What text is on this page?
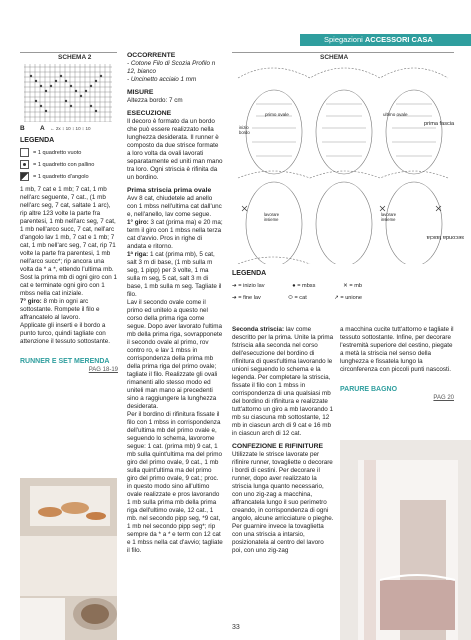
Spiegazioni ACCESSORI CASA
SCHEMA 2
B A ← 2x ↕ 10 ↕ 10 ↕ 10
LEGENDA
= 1 quadretto vuoto
= 1 quadretto con pallino
= 1 quadretto d'angolo

1 mb, 7 cat e 1 mb; 7 cat, 1 mb nell'arc seguente, 7 cat., (1 mb nell'arc seg, 7 cat, saltate 1 arc), rip altre 123 volte la parte fra parentesi, 1 mb nell'arc seg, 7 cat, 1 mb nell'arco succ, 7 cat, nell'arc d'angolo lav 1 mb, 7 cat e 1 mb; 7 cat, 1 mb nell'arc seg, 7 cat, rip 71 volte la parte fra parentesi, 1 mb nell'arco succ*; rip ancora una volta da * a *, ettendo l'ultima mb. Sost la prima mb di ogni giro con 1 cat e terminate ogni giro con 1 mbss nella cat iniziale.

7° giro: 8 mb in ogni arc sottostante. Rompete il filo e affrancatelo al lavoro.

Applicate gli inserti e il bordo a punto turco, quindi tagliate con attenzione il tessuto sottostante.

RUNNER E SET MERENDA
PAG 18-19
OCCORRENTE

- Cotone Filo di Scozia Profilo n 12, bianco

- Uncinetto acciaio 1 mm

MISURE

Altezza bordo: 7 cm

ESECUZIONE

Il decoro è formato da un bordo che può essere realizzato nella lunghezza desiderata. Il runner è composto da due strisce formate a loro volta da ovali lavorati separatamente ed uniti man mano tra loro. Ogni striscia è rifinita da un bordino.

Prima striscia prima ovale

Avv 8 cat, chiudetele ad anello con 1 mbss nell'ultima cat dall'unc e, nell'anello, lav come segue.

1° giro: 3 cat (prima ma) e 20 ma; term il giro con 1 mbss nella terza cat d'avvio. Pros in righe di andata e ritorno.

1ª riga: 1 cat (prima mb), 5 cat, salt 3 m di base, (1 mb sulla m seg, 1 pipp) per 3 volte, 1 ma sulla m seg, 5 cat, salt 3 m di base, 1 mb sulla m seg. Tagliate il filo.

Lav il secondo ovale come il primo ed unitelo a questo nel corso della prima riga come segue. Dopo aver lavorato l'ultima mb della prima riga, sovrapponete il secondo ovale al primo, rov contro ro, e lav 1 mbss in corrispondenza della prima mb della prima riga del primo ovale; tagliate il filo. Realizzate gli ovali rimanenti allo stesso modo ed uniteli man mano ai precedenti sino a raggiungere la lunghezza desiderata.

Per il bordino di rifinitura fissate il filo con 1 mbss in corrispondenza dell'ultima mb del primo ovale e, seguendo lo schema, lavorome segue: 1 cat. (prima mb) 9 cat, 1 mb sulla quint'ultima ma del primo giro del primo ovale, 9 cat., 1 mb sulla quint'ultima ma del primo giro del primo ovale, 9 cat.; proc. in questo modo sino all'ultimo ovale realizzate e pros lavorando 1 mb sulla prima mb della prima riga dell'ultimo ovale, 12 cat., 1 mb. nel secondo pipp seg, *9 cat, 1 mb nel secondo pipp seg*; rip sempre da * a * e term con 12 cat e 1 mbss nella cat d'avvio; tagliate il filo.

SCHEMA
primo ovale	ultimo ovale
inizio bordo
prima fascia
seconda fascia
lavorare insieme
lavorare insieme
LEGENDA
➔ = inizio lav	● = mbss	✕ = mb
➔ = fine lav	⬭ = cat	↗ = unione

Seconda striscia: lav come descritto per la prima. Unite la prima fstriscia alla seconda nel corso dell'esecuzione del bordino di rifinitura di quest'ultima lavorando le unioni seguendo lo schema e la legenda. Per completare la striscia, fissate il filo con 1 mbss in corrispondenza di una qualsiasi mb del bordino di rifinitura e realizzate tutt'attorno un giro a mb lavorando 1 mb su ciascuna mb sottostante, 12 mb in ciascun arch di 9 cat e 16 mb in ciascun arch di 12 cat.

CONFEZIONE E RIFINITURE

Utilizzate le strisce lavorate per rifinire runner, tovagliette o decorare i bordi di cestini. Per decorare il runner, dopo aver realizzato la striscia lunga quanto necessario, con uno zig-zag a macchina, affrancatela lungo il suo perimetro creando, in corrispondenza di ogni angolo, alcune arricciature o pieghe. Per guarnire invece la tovaglietta con una striscia a intarsio, posizionatela al centro del lavoro poi, con uno zig-zag

a macchina cucite tutt'attorno e tagliate il tessuto sottostante. Infine, per decorare l'estremità superiore del cestino, piegate a metà la striscia nel senso della lunghezza e fissatela lungo la circonferenza con piccoli punti nascosti.

PARURE BAGNO
PAG 20
33
